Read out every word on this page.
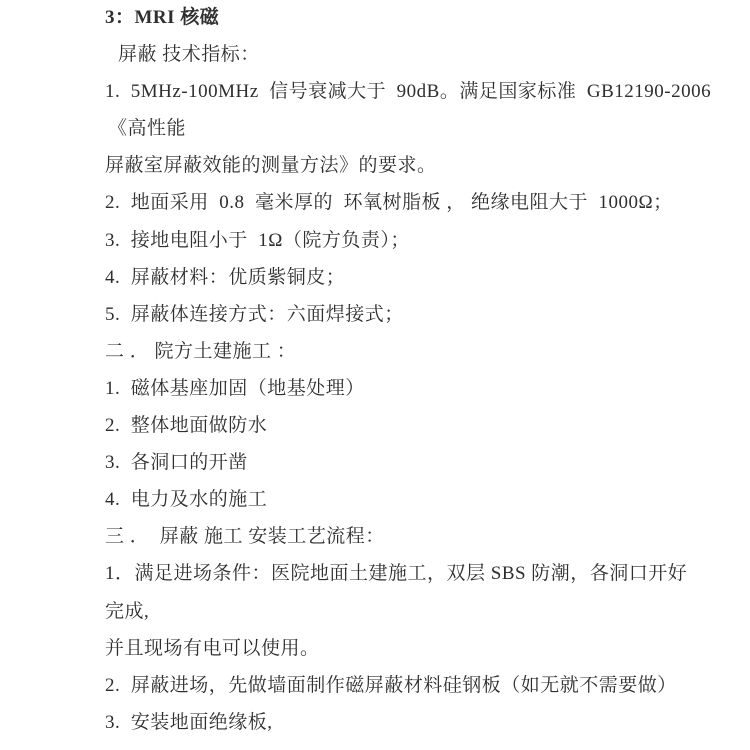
3：MRI 核磁
屏蔽 技术指标：
1.  5MHz-100MHz  信号衰减大于  90dB。满足国家标准  GB12190-2006
《高性能
屏蔽室屏蔽效能的测量方法》的要求。
2.  地面采用  0.8  毫米厚的  环氧树脂板 ， 绝缘电阻大于  1000Ω；
3.  接地电阻小于  1Ω（院方负责）；
4.  屏蔽材料：优质紫铜皮；
5.  屏蔽体连接方式：六面焊接式；
二 ． 院方土建施工 ：
1.  磁体基座加固（地基处理）
2.  整体地面做防水
3.  各洞口的开凿
4.  电力及水的施工
三 ．  屏蔽 施工 安装工艺流程：
1．满足进场条件：医院地面土建施工，双层 SBS 防潮，各洞口开好
完成,
并且现场有电可以使用。
2.  屏蔽进场，先做墙面制作磁屏蔽材料硅钢板（如无就不需要做）
3.  安装地面绝缘板,
